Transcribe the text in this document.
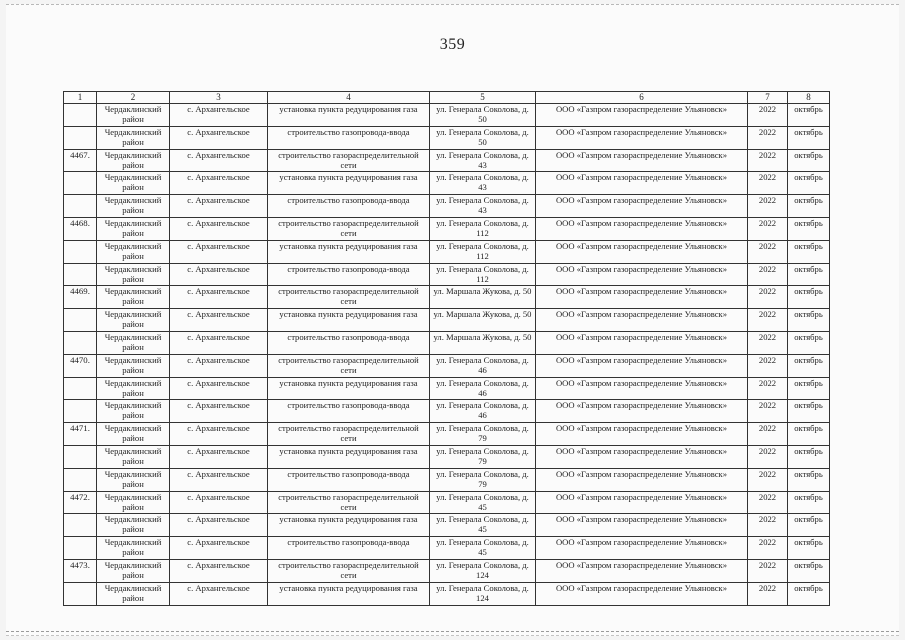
359
1	2	3	4	5	6	7	8
	Чердаклинский район	с. Архангельское	установка пункта редуцирования газа	ул. Генерала Соколова, д. 50	ООО «Газпром газораспределение Ульяновск»	2022	октябрь
	Чердаклинский район	с. Архангельское	строительство газопровода-ввода	ул. Генерала Соколова, д. 50	ООО «Газпром газораспределение Ульяновск»	2022	октябрь
4467.	Чердаклинский район	с. Архангельское	строительство газораспределительной сети	ул. Генерала Соколова, д. 43	ООО «Газпром газораспределение Ульяновск»	2022	октябрь
	Чердаклинский район	с. Архангельское	установка пункта редуцирования газа	ул. Генерала Соколова, д. 43	ООО «Газпром газораспределение Ульяновск»	2022	октябрь
	Чердаклинский район	с. Архангельское	строительство газопровода-ввода	ул. Генерала Соколова, д. 43	ООО «Газпром газораспределение Ульяновск»	2022	октябрь
4468.	Чердаклинский район	с. Архангельское	строительство газораспределительной сети	ул. Генерала Соколова, д. 112	ООО «Газпром газораспределение Ульяновск»	2022	октябрь
	Чердаклинский район	с. Архангельское	установка пункта редуцирования газа	ул. Генерала Соколова, д. 112	ООО «Газпром газораспределение Ульяновск»	2022	октябрь
	Чердаклинский район	с. Архангельское	строительство газопровода-ввода	ул. Генерала Соколова, д. 112	ООО «Газпром газораспределение Ульяновск»	2022	октябрь
4469.	Чердаклинский район	с. Архангельское	строительство газораспределительной сети	ул. Маршала Жукова, д. 50	ООО «Газпром газораспределение Ульяновск»	2022	октябрь
	Чердаклинский район	с. Архангельское	установка пункта редуцирования газа	ул. Маршала Жукова, д. 50	ООО «Газпром газораспределение Ульяновск»	2022	октябрь
	Чердаклинский район	с. Архангельское	строительство газопровода-ввода	ул. Маршала Жукова, д. 50	ООО «Газпром газораспределение Ульяновск»	2022	октябрь
4470.	Чердаклинский район	с. Архангельское	строительство газораспределительной сети	ул. Генерала Соколова, д. 46	ООО «Газпром газораспределение Ульяновск»	2022	октябрь
	Чердаклинский район	с. Архангельское	установка пункта редуцирования газа	ул. Генерала Соколова, д. 46	ООО «Газпром газораспределение Ульяновск»	2022	октябрь
	Чердаклинский район	с. Архангельское	строительство газопровода-ввода	ул. Генерала Соколова, д. 46	ООО «Газпром газораспределение Ульяновск»	2022	октябрь
4471.	Чердаклинский район	с. Архангельское	строительство газораспределительной сети	ул. Генерала Соколова, д. 79	ООО «Газпром газораспределение Ульяновск»	2022	октябрь
	Чердаклинский район	с. Архангельское	установка пункта редуцирования газа	ул. Генерала Соколова, д. 79	ООО «Газпром газораспределение Ульяновск»	2022	октябрь
	Чердаклинский район	с. Архангельское	строительство газопровода-ввода	ул. Генерала Соколова, д. 79	ООО «Газпром газораспределение Ульяновск»	2022	октябрь
4472.	Чердаклинский район	с. Архангельское	строительство газораспределительной сети	ул. Генерала Соколова, д. 45	ООО «Газпром газораспределение Ульяновск»	2022	октябрь
	Чердаклинский район	с. Архангельское	установка пункта редуцирования газа	ул. Генерала Соколова, д. 45	ООО «Газпром газораспределение Ульяновск»	2022	октябрь
	Чердаклинский район	с. Архангельское	строительство газопровода-ввода	ул. Генерала Соколова, д. 45	ООО «Газпром газораспределение Ульяновск»	2022	октябрь
4473.	Чердаклинский район	с. Архангельское	строительство газораспределительной сети	ул. Генерала Соколова, д. 124	ООО «Газпром газораспределение Ульяновск»	2022	октябрь
	Чердаклинский район	с. Архангельское	установка пункта редуцирования газа	ул. Генерала Соколова, д. 124	ООО «Газпром газораспределение Ульяновск»	2022	октябрь
